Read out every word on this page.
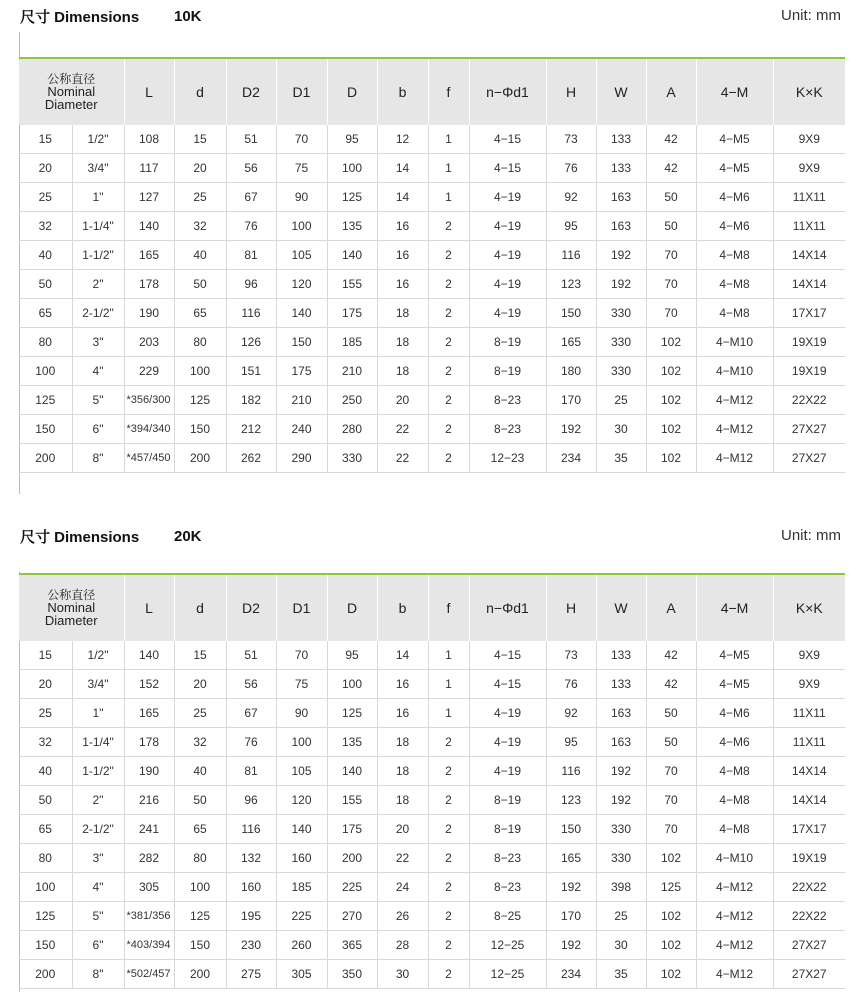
尺寸 Dimensions 10K	Unit: mm
公称直径
Nominal
Diameter		L	d	D2	D1	D	b	f	n−Φd1	H	W	A	4−M	K×K
15	1/2"	108	15	51	70	95	12	1	4−15	73	133	42	4−M5	9X9
20	3/4"	117	20	56	75	100	14	1	4−15	76	133	42	4−M5	9X9
25	1"	127	25	67	90	125	14	1	4−19	92	163	50	4−M6	11X11
32	1-1/4"	140	32	76	100	135	16	2	4−19	95	163	50	4−M6	11X11
40	1-1/2"	165	40	81	105	140	16	2	4−19	116	192	70	4−M8	14X14
50	2"	178	50	96	120	155	16	2	4−19	123	192	70	4−M8	14X14
65	2-1/2"	190	65	116	140	175	18	2	4−19	150	330	70	4−M8	17X17
80	3"	203	80	126	150	185	18	2	8−19	165	330	102	4−M10	19X19
100	4"	229	100	151	175	210	18	2	8−19	180	330	102	4−M10	19X19
125	5"	*356/300	125	182	210	250	20	2	8−23	170	25	102	4−M12	22X22
150	6"	*394/340	150	212	240	280	22	2	8−23	192	30	102	4−M12	27X27
200	8"	*457/450	200	262	290	330	22	2	12−23	234	35	102	4−M12	27X27
尺寸 Dimensions 20K	Unit: mm
公称直径
Nominal
Diameter		L	d	D2	D1	D	b	f	n−Φd1	H	W	A	4−M	K×K
15	1/2"	140	15	51	70	95	14	1	4−15	73	133	42	4−M5	9X9
20	3/4"	152	20	56	75	100	16	1	4−15	76	133	42	4−M5	9X9
25	1"	165	25	67	90	125	16	1	4−19	92	163	50	4−M6	11X11
32	1-1/4"	178	32	76	100	135	18	2	4−19	95	163	50	4−M6	11X11
40	1-1/2"	190	40	81	105	140	18	2	4−19	116	192	70	4−M8	14X14
50	2"	216	50	96	120	155	18	2	8−19	123	192	70	4−M8	14X14
65	2-1/2"	241	65	116	140	175	20	2	8−19	150	330	70	4−M8	17X17
80	3"	282	80	132	160	200	22	2	8−23	165	330	102	4−M10	19X19
100	4"	305	100	160	185	225	24	2	8−23	192	398	125	4−M12	22X22
125	5"	*381/356	125	195	225	270	26	2	8−25	170	25	102	4−M12	22X22
150	6"	*403/394	150	230	260	365	28	2	12−25	192	30	102	4−M12	27X27
200	8"	*502/457	200	275	305	350	30	2	12−25	234	35	102	4−M12	27X27
